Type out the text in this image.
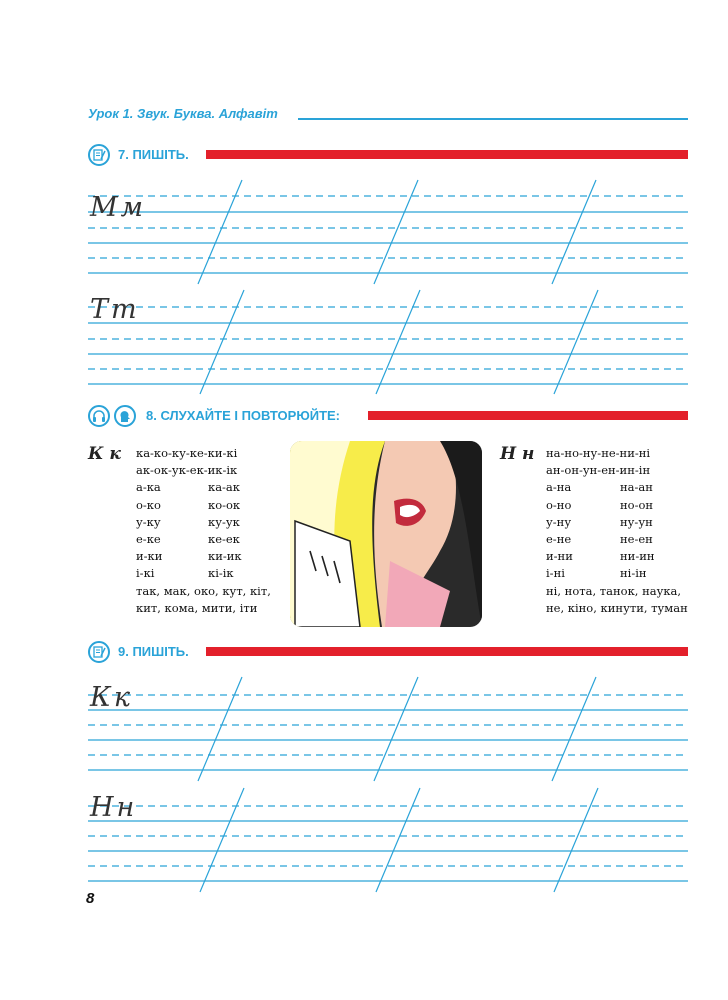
Урок 1. Звук. Буква. Алфавіт
7. ПИШІТЬ.
Мм
Тт
8. СЛУХАЙТЕ І ПОВТОРЮЙТЕ:
К к ка-ко-ку-ке-ки-кі
ак-ок-ук-ек-ик-ік
а-ка
о-ко
у-ку
е-ке
и-ки
і-кі
ка-ак
ко-ок
ку-ук
ке-ек
ки-ик
кі-ік
так, мак, око, кут, кіт,
кит, кома, мити, іти
Н н на-но-ну-не-ни-ні
ан-он-ун-ен-ин-ін
а-на
о-но
у-ну
е-не
и-ни
і-ні
на-ан
но-он
ну-ун
не-ен
ни-ин
ні-ін
ні, нота, танок, наука,
не, кіно, кинути, туман
9. ПИШІТЬ.
Кк
Нн
8
